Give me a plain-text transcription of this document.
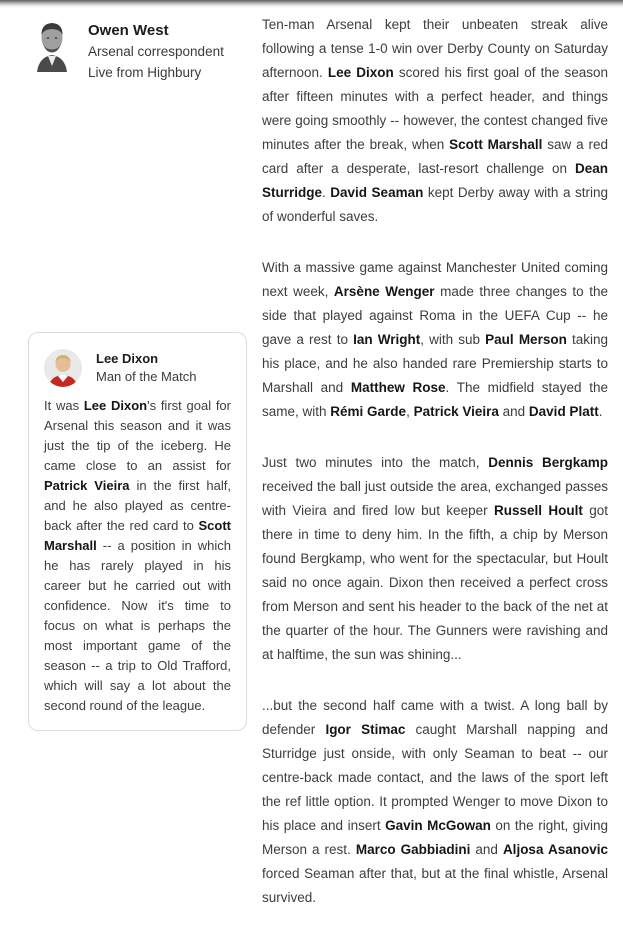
Owen West
Arsenal correspondent
Live from Highbury
Lee Dixon
Man of the Match
It was Lee Dixon's first goal for Arsenal this season and it was just the tip of the iceberg. He came close to an assist for Patrick Vieira in the first half, and he also played as centre-back after the red card to Scott Marshall -- a position in which he has rarely played in his career but he carried out with confidence. Now it's time to focus on what is perhaps the most important game of the season -- a trip to Old Trafford, which will say a lot about the second round of the league.

Ten-man Arsenal kept their unbeaten streak alive following a tense 1-0 win over Derby County on Saturday afternoon. Lee Dixon scored his first goal of the season after fifteen minutes with a perfect header, and things were going smoothly -- however, the contest changed five minutes after the break, when Scott Marshall saw a red card after a desperate, last-resort challenge on Dean Sturridge. David Seaman kept Derby away with a string of wonderful saves.

With a massive game against Manchester United coming next week, Arsène Wenger made three changes to the side that played against Roma in the UEFA Cup -- he gave a rest to Ian Wright, with sub Paul Merson taking his place, and he also handed rare Premiership starts to Marshall and Matthew Rose. The midfield stayed the same, with Rémi Garde, Patrick Vieira and David Platt.

Just two minutes into the match, Dennis Bergkamp received the ball just outside the area, exchanged passes with Vieira and fired low but keeper Russell Hoult got there in time to deny him. In the fifth, a chip by Merson found Bergkamp, who went for the spectacular, but Hoult said no once again. Dixon then received a perfect cross from Merson and sent his header to the back of the net at the quarter of the hour. The Gunners were ravishing and at halftime, the sun was shining...

...but the second half came with a twist. A long ball by defender Igor Stimac caught Marshall napping and Sturridge just onside, with only Seaman to beat -- our centre-back made contact, and the laws of the sport left the ref little option. It prompted Wenger to move Dixon to his place and insert Gavin McGowan on the right, giving Merson a rest. Marco Gabbiadini and Aljosa Asanovic forced Seaman after that, but at the final whistle, Arsenal survived.
